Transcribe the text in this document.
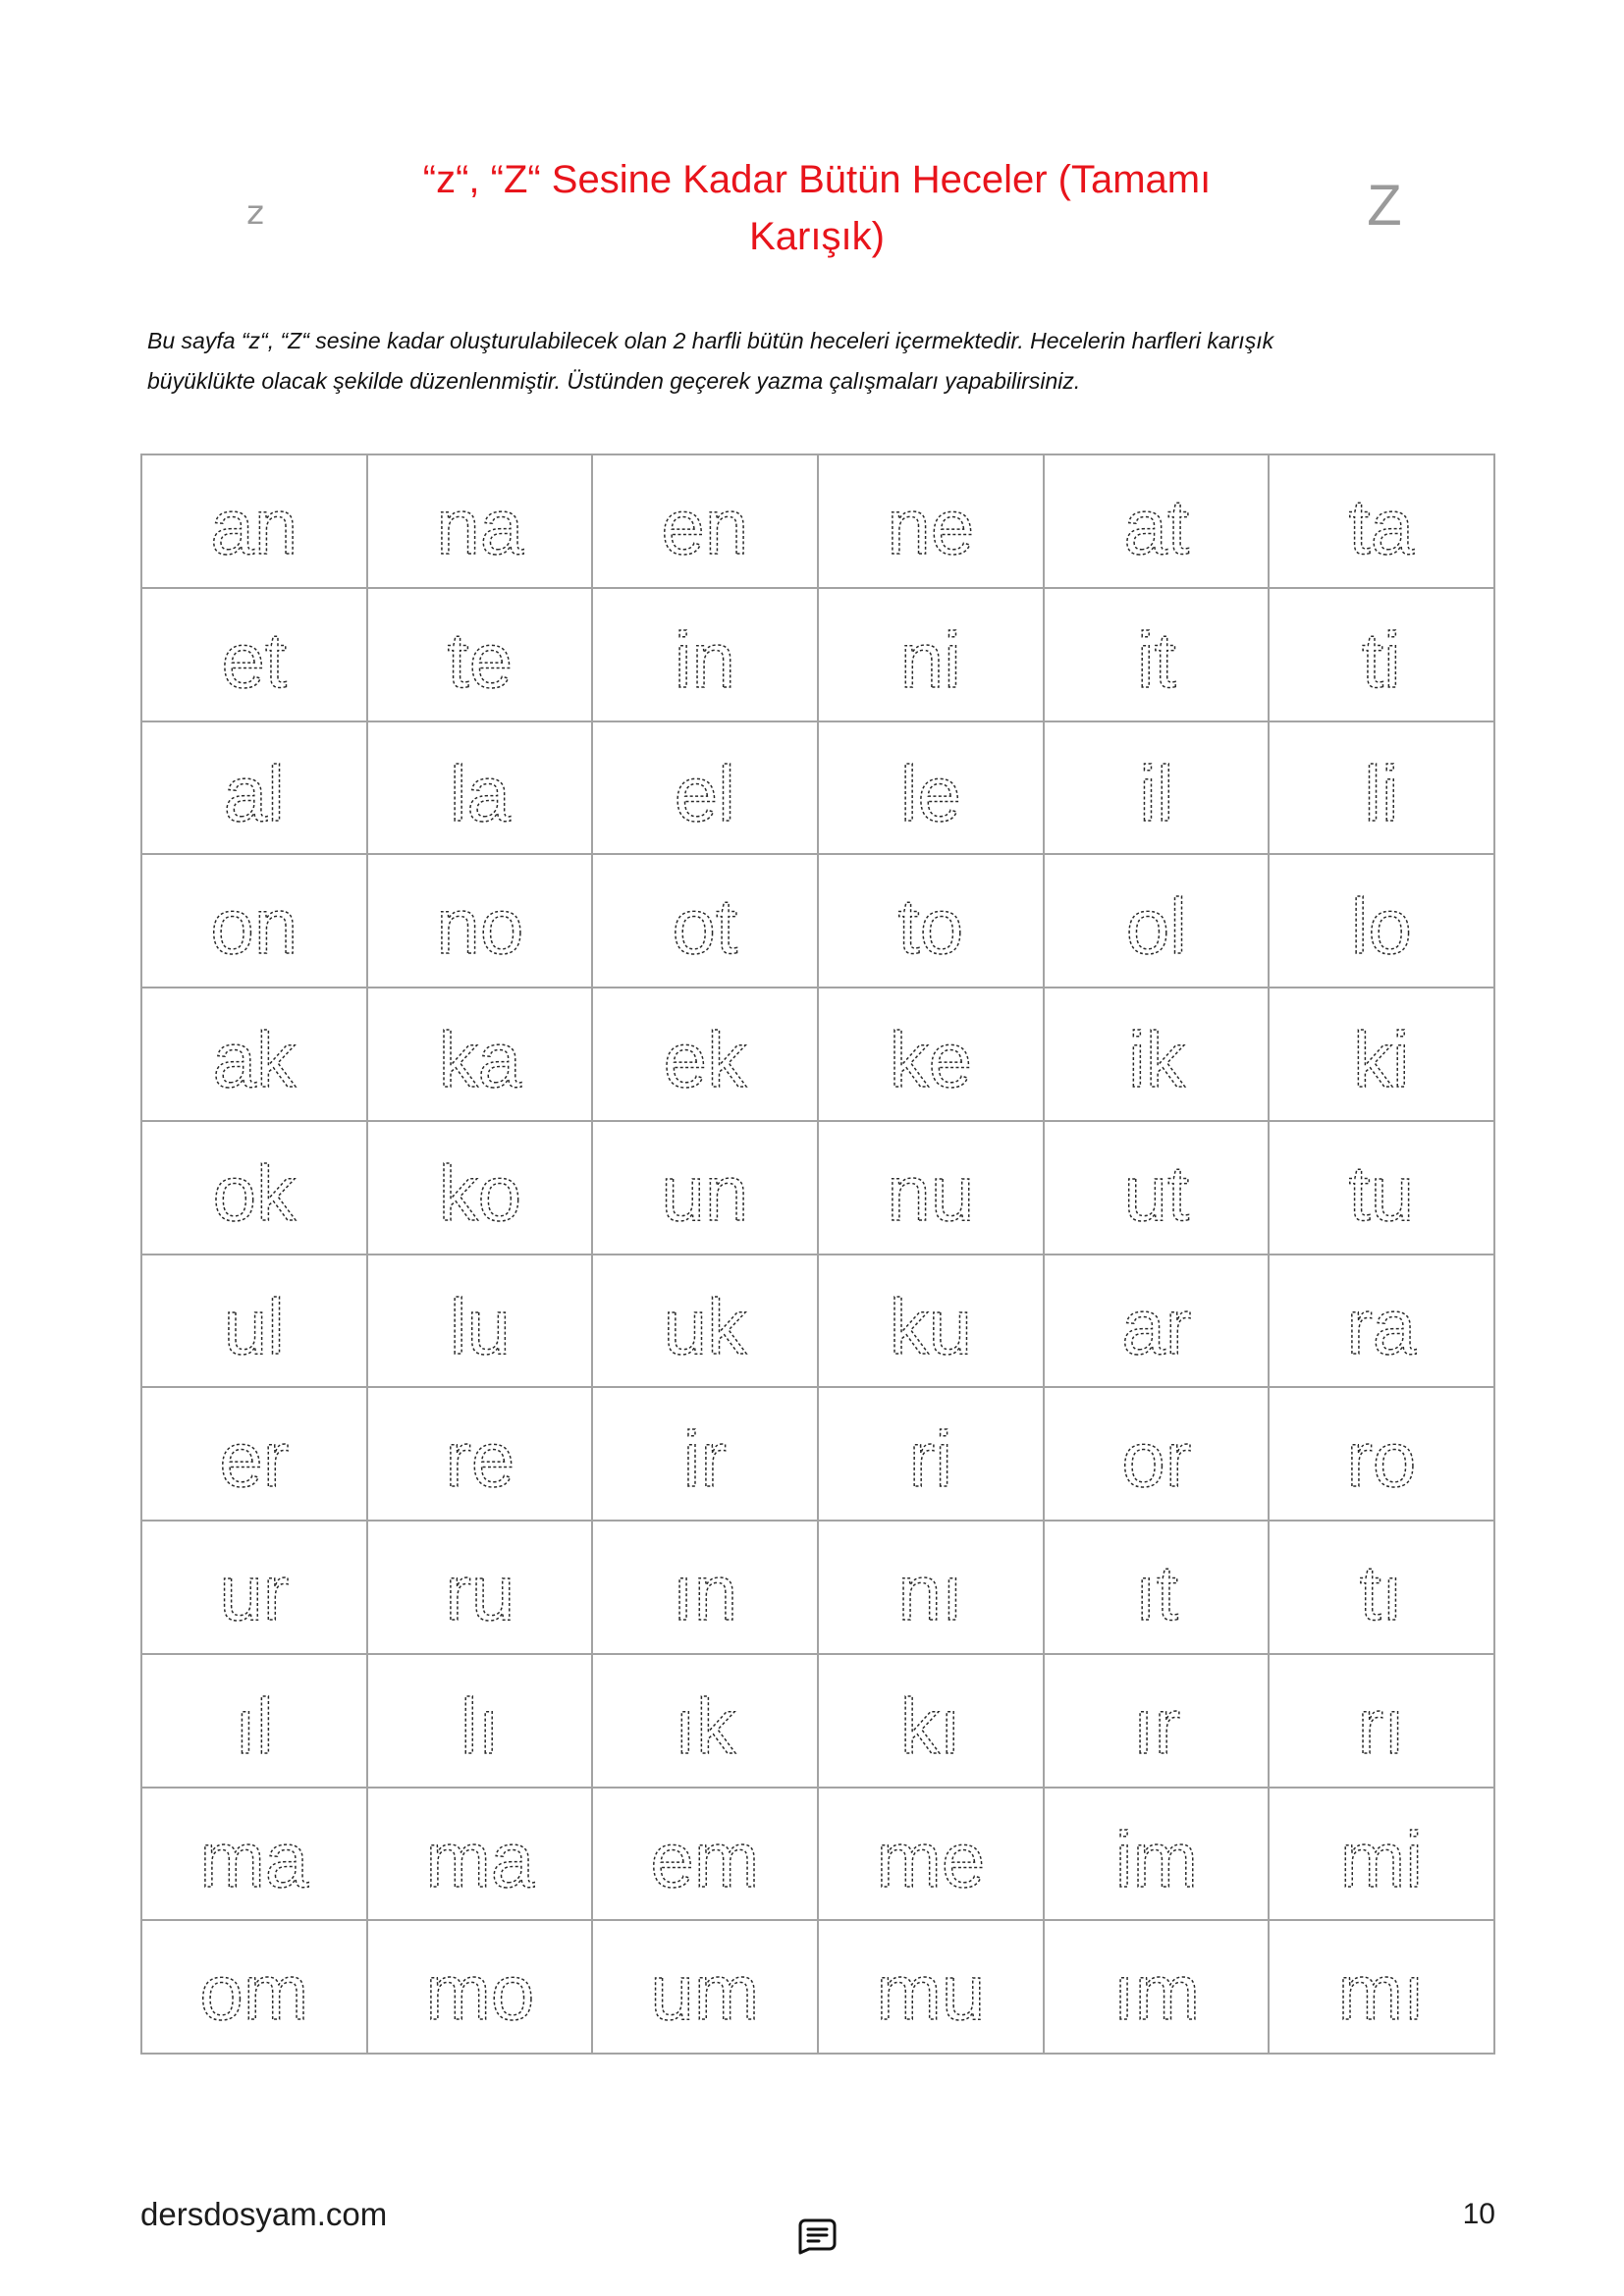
“z“, “Z“ Sesine Kadar Bütün Heceler (Tamamı
Karışık)
z	Z
Bu sayfa “z“, “Z“ sesine kadar oluşturulabilecek olan 2 harfli bütün heceleri içermektedir. Hecelerin harfleri karışık
büyüklükte olacak şekilde düzenlenmiştir. Üstünden geçerek yazma çalışmaları yapabilirsiniz.
an na en ne at ta
et te in ni it ti
al la el le il li
on no ot to ol lo
ak ka ek ke ik ki
ok ko un nu ut tu
ul lu uk ku ar ra
er re ir ri or ro
ur ru ın nı ıt tı
ıl lı ık kı ır rı
ma ma em me im mi
om mo um mu ım mı
dersdosyam.com	10
